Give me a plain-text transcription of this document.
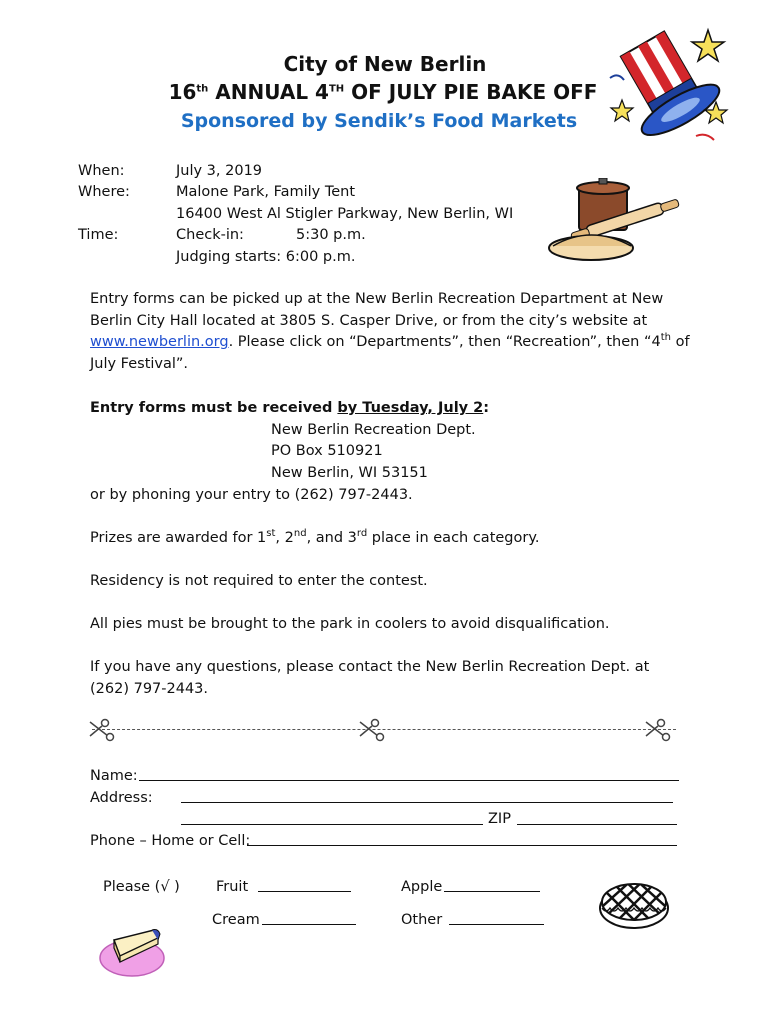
City of New Berlin
16th ANNUAL 4TH OF JULY PIE BAKE OFF
Sponsored by Sendik’s Food Markets
When:	July 3, 2019
Where:	Malone Park, Family Tent
16400 West Al Stigler Parkway, New Berlin, WI
Time:	Check-in:	5:30 p.m.
Judging starts: 6:00 p.m.
Entry forms can be picked up at the New Berlin Recreation Department at New Berlin City Hall located at 3805 S. Casper Drive, or from the city’s website at www.newberlin.org. Please click on “Departments”, then “Recreation”, then “4th of July Festival”.
Entry forms must be received by Tuesday, July 2:
New Berlin Recreation Dept.
PO Box 510921
New Berlin, WI 53151
or by phoning your entry to (262) 797-2443.
Prizes are awarded for 1st, 2nd, and 3rd place in each category.
Residency is not required to enter the contest.
All pies must be brought to the park in coolers to avoid disqualification.
If you have any questions, please contact the New Berlin Recreation Dept. at (262) 797-2443.
Name:
Address:
ZIP
Phone – Home or Cell:
Please (√ ) Fruit	Apple
Cream	Other
